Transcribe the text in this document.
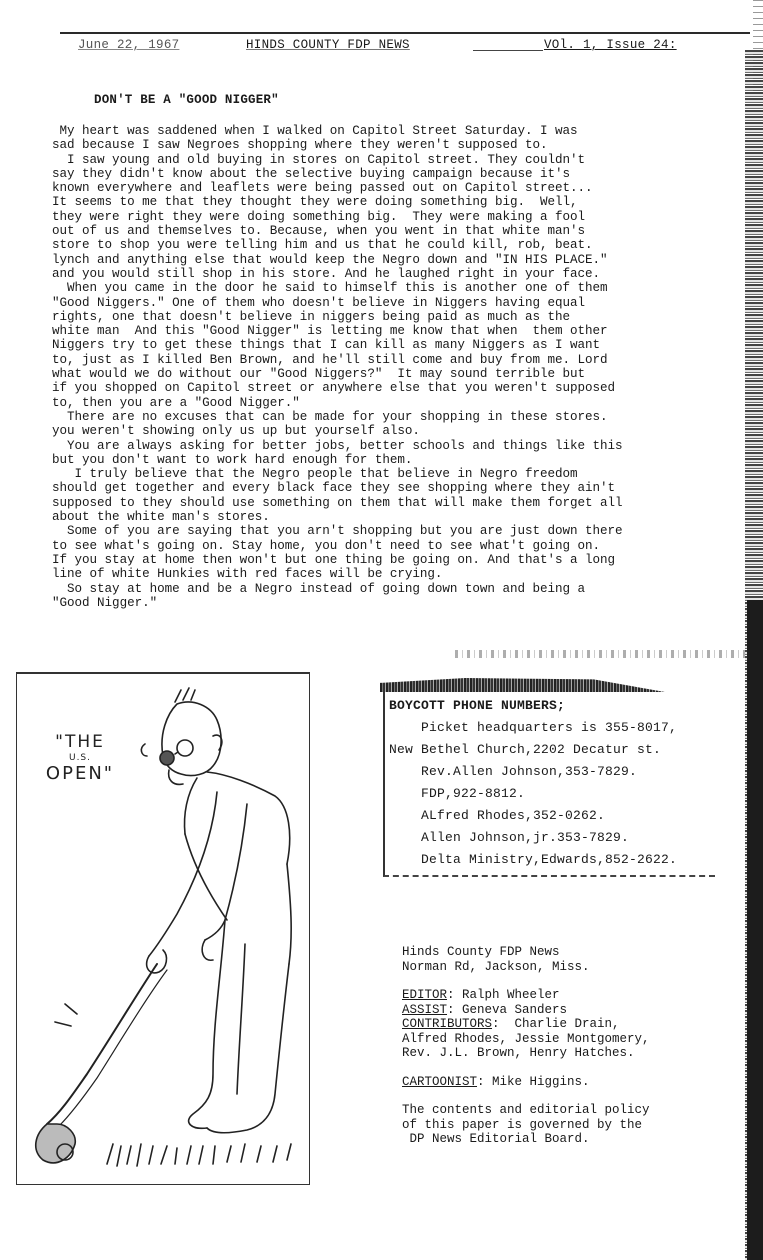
June 22, 1967	HINDS COUNTY FDP NEWS	VOl. 1, Issue 24:
DON'T BE A "GOOD NIGGER"
My heart was saddened when I walked on Capitol Street Saturday. I was
sad because I saw Negroes shopping where they weren't supposed to.
I saw young and old buying in stores on Capitol street. They couldn't
say they didn't know about the selective buying campaign because it's
known everywhere and leaflets were being passed out on Capitol street...
It seems to me that they thought they were doing something big.  Well,
they were right they were doing something big.  They were making a fool
out of us and themselves to. Because, when you went in that white man's
store to shop you were telling him and us that he could kill, rob, beat.
lynch and anything else that would keep the Negro down and "IN HIS PLACE."
and you would still shop in his store. And he laughed right in your face.
When you came in the door he said to himself this is another one of them
"Good Niggers." One of them who doesn't believe in Niggers having equal
rights, one that doesn't believe in niggers being paid as much as the
white man  And this "Good Nigger" is letting me know that when  them other
Niggers try to get these things that I can kill as many Niggers as I want
to, just as I killed Ben Brown, and he'll still come and buy from me. Lord
what would we do without our "Good Niggers?"  It may sound terrible but
if you shopped on Capitol street or anywhere else that you weren't supposed
to, then you are a "Good Nigger."
There are no excuses that can be made for your shopping in these stores.
you weren't showing only us up but yourself also.
You are always asking for better jobs, better schools and things like this
but you don't want to work hard enough for them.
I truly believe that the Negro people that believe in Negro freedom
should get together and every black face they see shopping where they ain't
supposed to they should use something on them that will make them forget all
about the white man's stores.
Some of you are saying that you arn't shopping but you are just down there
to see what's going on. Stay home, you don't need to see what't going on.
If you stay at home then won't but one thing be going on. And that's a long
line of white Hunkies with red faces will be crying.
So stay at home and be a Negro instead of going down town and being a
"Good Nigger."
"THE
U.S.
OPEN"
BOYCOTT PHONE NUMBERS;
Picket headquarters is 355-8017,
New Bethel Church,2202 Decatur st.
Rev.Allen Johnson,353-7829.
FDP,922-8812.
ALfred Rhodes,352-0262.
Allen Johnson,jr.353-7829.
Delta Ministry,Edwards,852-2622.
Hinds County FDP News
Norman Rd, Jackson, Miss.
EDITOR: Ralph Wheeler
ASSIST: Geneva Sanders
CONTRIBUTORS:  Charlie Drain,
Alfred Rhodes, Jessie Montgomery,
Rev. J.L. Brown, Henry Hatches.
CARTOONIST: Mike Higgins.
The contents and editorial policy
of this paper is governed by the
DP News Editorial Board.
